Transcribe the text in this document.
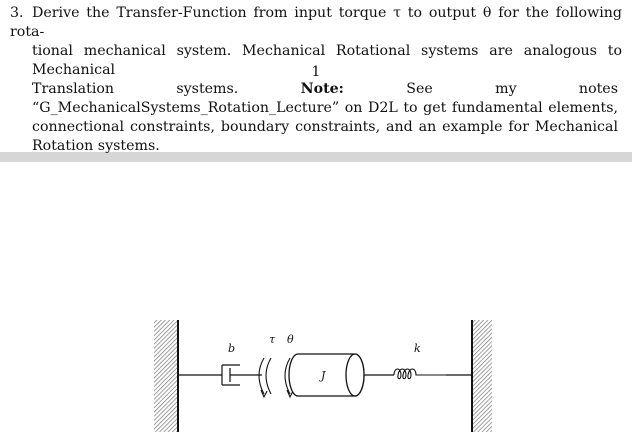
3. Derive the Transfer-Function from input torque τ to output θ for the following rota-
tional mechanical system. Mechanical Rotational systems are analogous to Mechanical	1
Translation systems. Note: See my notes “G_MechanicalSystems_Rotation_Lecture” on D2L to get fundamental elements, connectional constraints, boundary constraints, and an example for Mechanical Rotation systems.
b
τ θ
J
k
